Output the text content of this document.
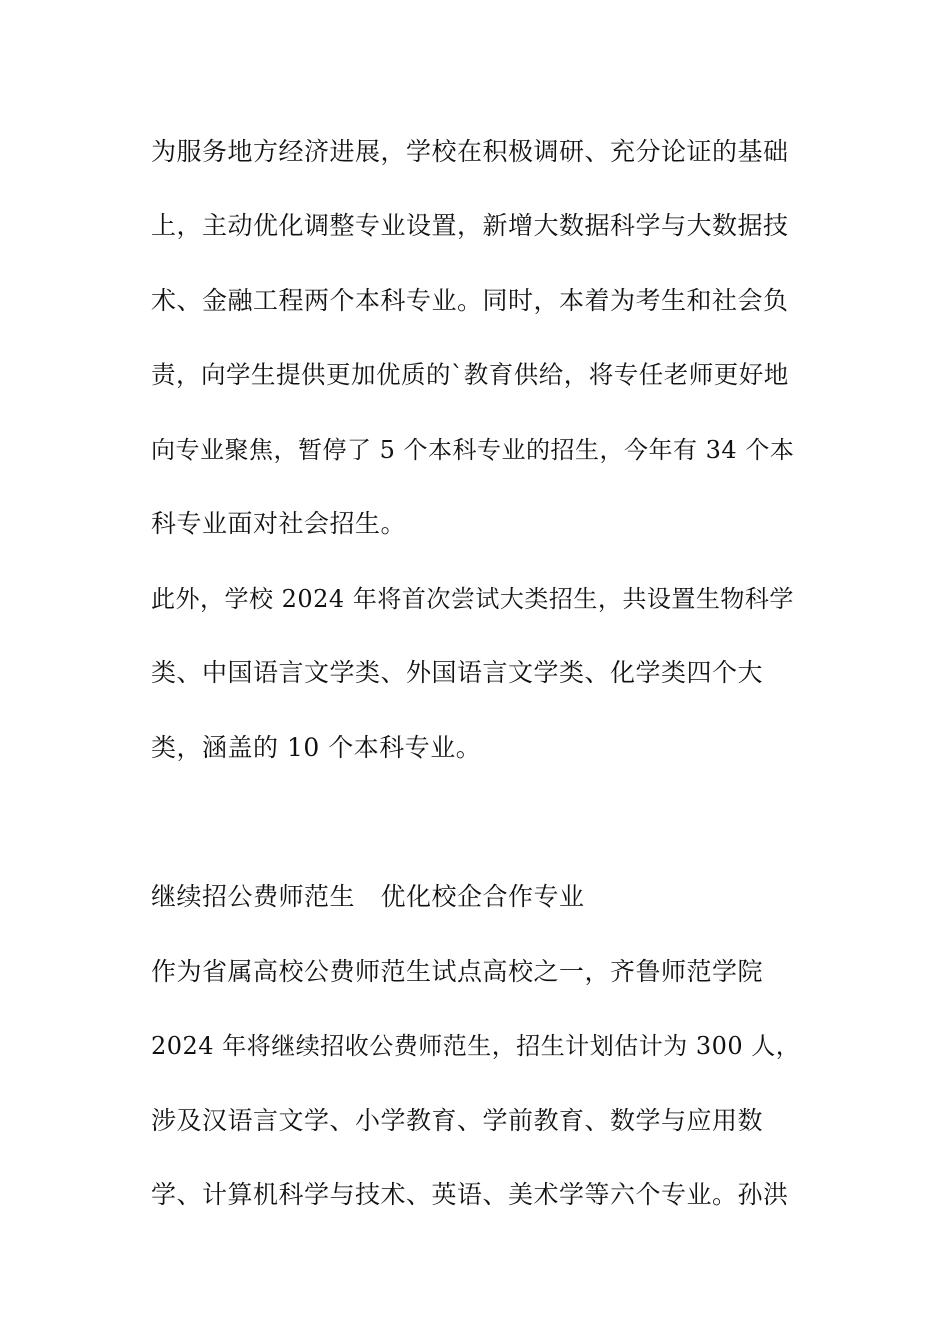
为服务地方经济进展，学校在积极调研、充分论证的基础
上，主动优化调整专业设置，新增大数据科学与大数据技
术、金融工程两个本科专业。同时，本着为考生和社会负
责，向学生提供更加优质的`教育供给，将专任老师更好地
向专业聚焦，暂停了 5 个本科专业的招生，今年有 34 个本
科专业面对社会招生。
此外，学校 2024 年将首次尝试大类招生，共设置生物科学
类、中国语言文学类、外国语言文学类、化学类四个大
类，涵盖的 10 个本科专业。
继续招公费师范生　优化校企合作专业
作为省属高校公费师范生试点高校之一，齐鲁师范学院
2024 年将继续招收公费师范生，招生计划估计为 300 人，
涉及汉语言文学、小学教育、学前教育、数学与应用数
学、计算机科学与技术、英语、美术学等六个专业。孙洪
